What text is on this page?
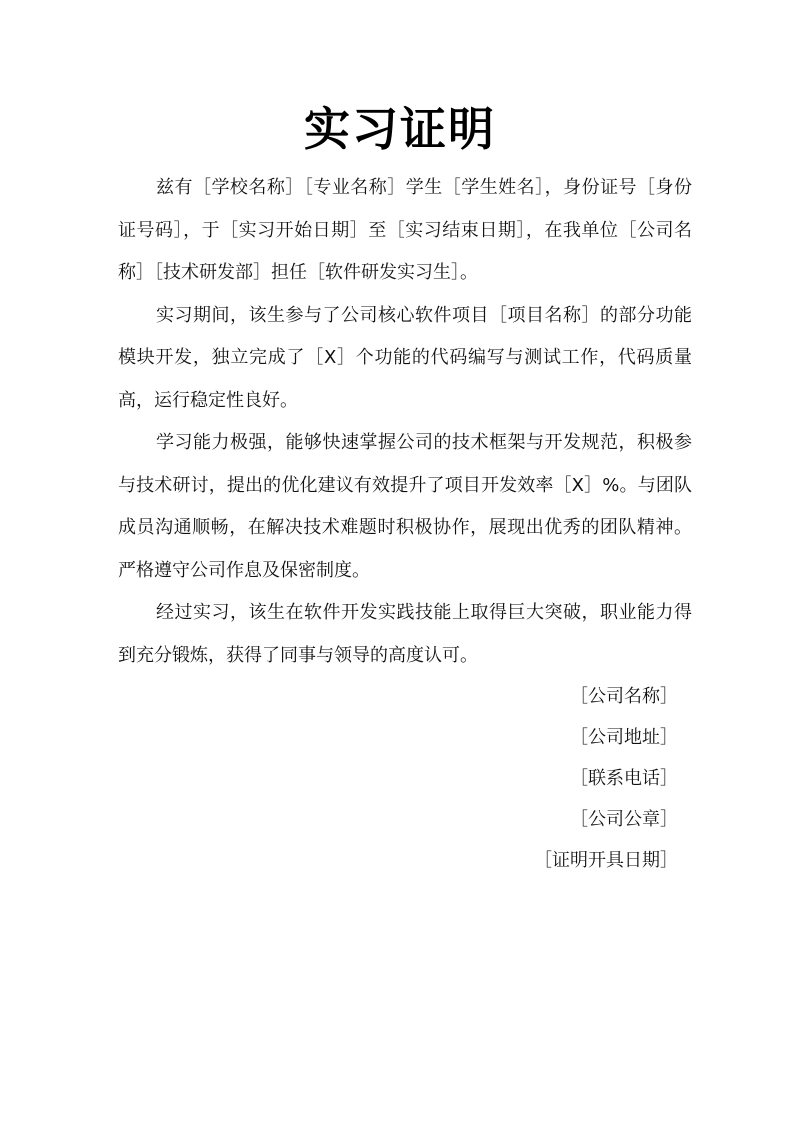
实习证明

兹有［学校名称］［专业名称］学生［学生姓名］，身份证号［身份证号码］，于［实习开始日期］至［实习结束日期］，在我单位［公司名称］［技术研发部］担任［软件研发实习生］。

实习期间，该生参与了公司核心软件项目［项目名称］的部分功能模块开发，独立完成了［X］个功能的代码编写与测试工作，代码质量高，运行稳定性良好。

学习能力极强，能够快速掌握公司的技术框架与开发规范，积极参与技术研讨，提出的优化建议有效提升了项目开发效率［X］%。与团队成员沟通顺畅，在解决技术难题时积极协作，展现出优秀的团队精神。严格遵守公司作息及保密制度。

经过实习，该生在软件开发实践技能上取得巨大突破，职业能力得到充分锻炼，获得了同事与领导的高度认可。

［公司名称］

［公司地址］

［联系电话］

［公司公章］

［证明开具日期］
